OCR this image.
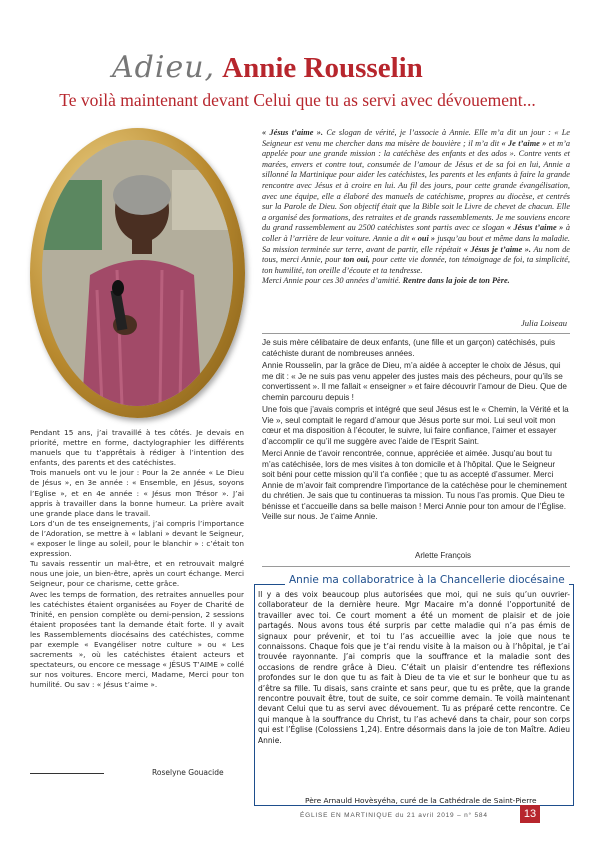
Adieu, Annie Rousselin
Te voilà maintenant devant Celui que tu as servi avec dévouement...
« Jésus t’aime ». Ce slogan de vérité, je l’associe à Annie. Elle m’a dit un jour : « Le Seigneur est venu me chercher dans ma misère de bouvière ; il m’a dit « Je t’aime » et m’a appelée pour une grande mission : la catéchèse des enfants et des ados ». Contre vents et marées, envers et contre tout, consumée de l’amour de Jésus et de sa foi en lui, Annie a sillonné la Martinique pour aider les catéchistes, les parents et les enfants à faire la grande rencontre avec Jésus et à croire en lui. Au fil des jours, pour cette grande évangélisation, avec une équipe, elle a élaboré des manuels de catéchisme, propres au diocèse, et centrés sur la Parole de Dieu. Son objectif était que la Bible soit le Livre de chevet de chacun. Elle a organisé des formations, des retraites et de grands rassemblements. Je me souviens encore du grand rassemblement au 2500 catéchistes sont partis avec ce slogan « Jésus t’aime » à coller à l’arrière de leur voiture. Annie a dit « oui » jusqu’au bout et même dans la maladie. Sa mission terminée sur terre, avant de partir, elle répétait « Jésus je t’aime ». Au nom de tous, merci Annie, pour ton oui, pour cette vie donnée, ton témoignage de foi, ta simplicité, ton humilité, ton oreille d’écoute et ta tendresse.
Merci Annie pour ces 30 années d’amitié. Rentre dans la joie de ton Père.
Julia Loiseau

Je suis mère célibataire de deux enfants, (une fille et un garçon) catéchisés, puis catéchiste durant de nombreuses années.

Annie Rousselin, par la grâce de Dieu, m’a aidée à accepter le choix de Jésus, qui me dit : « Je ne suis pas venu appeler des justes mais des pécheurs, pour qu’ils se convertissent ». Il me fallait « enseigner » et faire découvrir l’amour de Dieu. Que de chemin parcouru depuis !

Une fois que j’avais compris et intégré que seul Jésus est le « Chemin, la Vérité et la Vie », seul comptait le regard d’amour que Jésus porte sur moi. Lui seul voit mon cœur et ma disposition à l’écouter, le suivre, lui faire confiance, l’aimer et essayer d’accomplir ce qu’il me suggère avec l’aide de l’Esprit Saint.

Merci Annie de t’avoir rencontrée, connue, appréciée et aimée. Jusqu’au bout tu m’as catéchisée, lors de mes visites à ton domicile et à l’hôpital. Que le Seigneur soit béni pour cette mission qu’il t’a confiée ; que tu as accepté d’assumer. Merci Annie de m’avoir fait comprendre l’importance de la catéchèse pour le cheminement du chrétien. Je sais que tu continueras ta mission. Tu nous l’as promis. Que Dieu te bénisse et t’accueille dans sa belle maison ! Merci Annie pour ton amour de l’Église. Veille sur nous. Je t’aime Annie.

Arlette François

Pendant 15 ans, j’ai travaillé à tes côtés. Je devais en priorité, mettre en forme, dactylographier les différents manuels que tu t’apprêtais à rédiger à l’intention des enfants, des parents et des catéchistes.

Trois manuels ont vu le jour : Pour la 2e année « Le Dieu de Jésus », en 3e année : « Ensemble, en Jésus, soyons l’Eglise », et en 4e année : « Jésus mon Trésor ». J’ai appris à travailler dans la bonne humeur. La prière avait une grande place dans le travail.

Lors d’un de tes enseignements, j’ai compris l’importance de l’Adoration, se mettre à « lablani » devant le Seigneur, « exposer le linge au soleil, pour le blanchir » : c’était ton expression.

Tu savais ressentir un mal-être, et en retrouvait malgré nous une joie, un bien-être, après un court échange. Merci Seigneur, pour ce charisme, cette grâce.

Avec les temps de formation, des retraites annuelles pour les catéchistes étaient organisées au Foyer de Charité de Trinité, en pension complète ou demi-pension, 2 sessions étaient proposées tant la demande était forte. Il y avait les Rassemblements diocésains des catéchistes, comme par exemple « Evangéliser notre culture » ou « Les sacrements », où les catéchistes étaient acteurs et spectateurs, ou encore ce message « JÉSUS T’AIME » collé sur nos voitures. Encore merci, Madame, Merci pour ton humilité. Ou sav : « Jésus t’aime ».

Roselyne Gouacide
Annie ma collaboratrice à la Chancellerie diocésaine
Il y a des voix beaucoup plus autorisées que moi, qui ne suis qu’un ouvrier-collaborateur de la dernière heure. Mgr Macaire m’a donné l’opportunité de travailler avec toi. Ce court moment a été un moment de plaisir et de joie partagés. Nous avons tous été surpris par cette maladie qui n’a pas émis de signaux pour prévenir, et toi tu l’as accueillie avec la joie que nous te connaissons. Chaque fois que je t’ai rendu visite à la maison ou à l’hôpital, je t’ai trouvée rayonnante. J’ai compris que la souffrance et la maladie sont des occasions de rendre grâce à Dieu. C’était un plaisir d’entendre tes réflexions profondes sur le don que tu as fait à Dieu de ta vie et sur le bonheur que tu as d’être sa fille. Tu disais, sans crainte et sans peur, que tu es prête, que la grande rencontre pouvait être, tout de suite, ce soir comme demain. Te voilà maintenant devant Celui que tu as servi avec dévouement. Tu as préparé cette rencontre. Ce qui manque à la souffrance du Christ, tu l’as achevé dans ta chair, pour son corps qui est l’Église (Colossiens 1,24). Entre désormais dans la joie de ton Maître. Adieu Annie.
Père Arnauld Hovèsyéha, curé de la Cathédrale de Saint-Pierre
ÉGLISE EN MARTINIQUE du 21 avril 2019 – n° 584	13
